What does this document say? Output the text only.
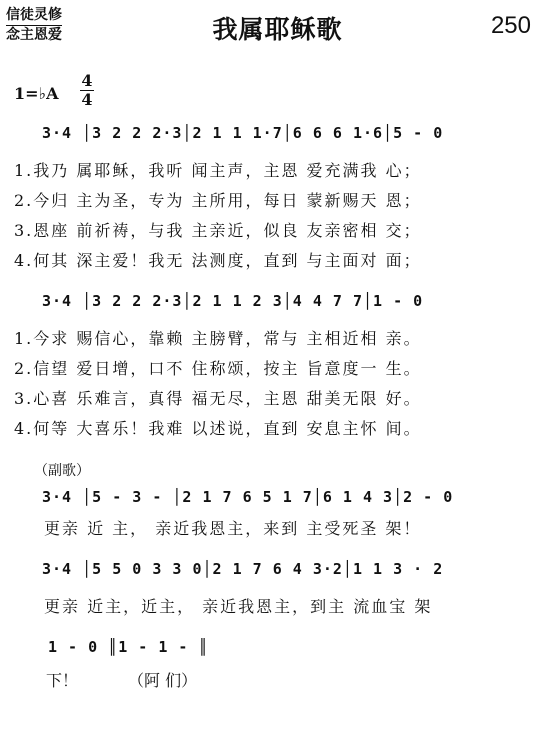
信徒灵修
念主恩爱	我属耶稣歌	250
1=♭A
4
4
3·4 │3 2 2 2·3│2 1 1 1·7│6 6 6 1·6│5 - 0
1.我乃 属耶稣，我听 闻主声，主恩 爱充满我 心；
2.今归 主为圣，专为 主所用，每日 蒙新赐天 恩；
3.恩座 前祈祷，与我 主亲近，似良 友亲密相 交；
4.何其 深主爱！我无 法测度，直到 与主面对 面；
3·4 │3 2 2 2·3│2 1 1 2 3│4 4 7 7│1 - 0
1.今求 赐信心，靠赖 主膀臂，常与 主相近相 亲。
2.信望 爱日增，口不 住称颂，按主 旨意度一 生。
3.心喜 乐难言，真得 福无尽，主恩 甜美无限 好。
4.何等 大喜乐！我难 以述说，直到 安息主怀 间。
（副歌）
3·4 │5 - 3 - │2 1 7 6 5 1 7│6 1 4 3│2 - 0
更亲 近 主， 亲近我恩主，来到 主受死圣 架！
3·4 │5 5 0 3 3 0│2 1 7 6 4 3·2│1 1 3 · 2
更亲 近主，近主， 亲近我恩主，到主 流血宝 架
1 - 0 ║1 - 1 - ║
下！	（阿 们）
